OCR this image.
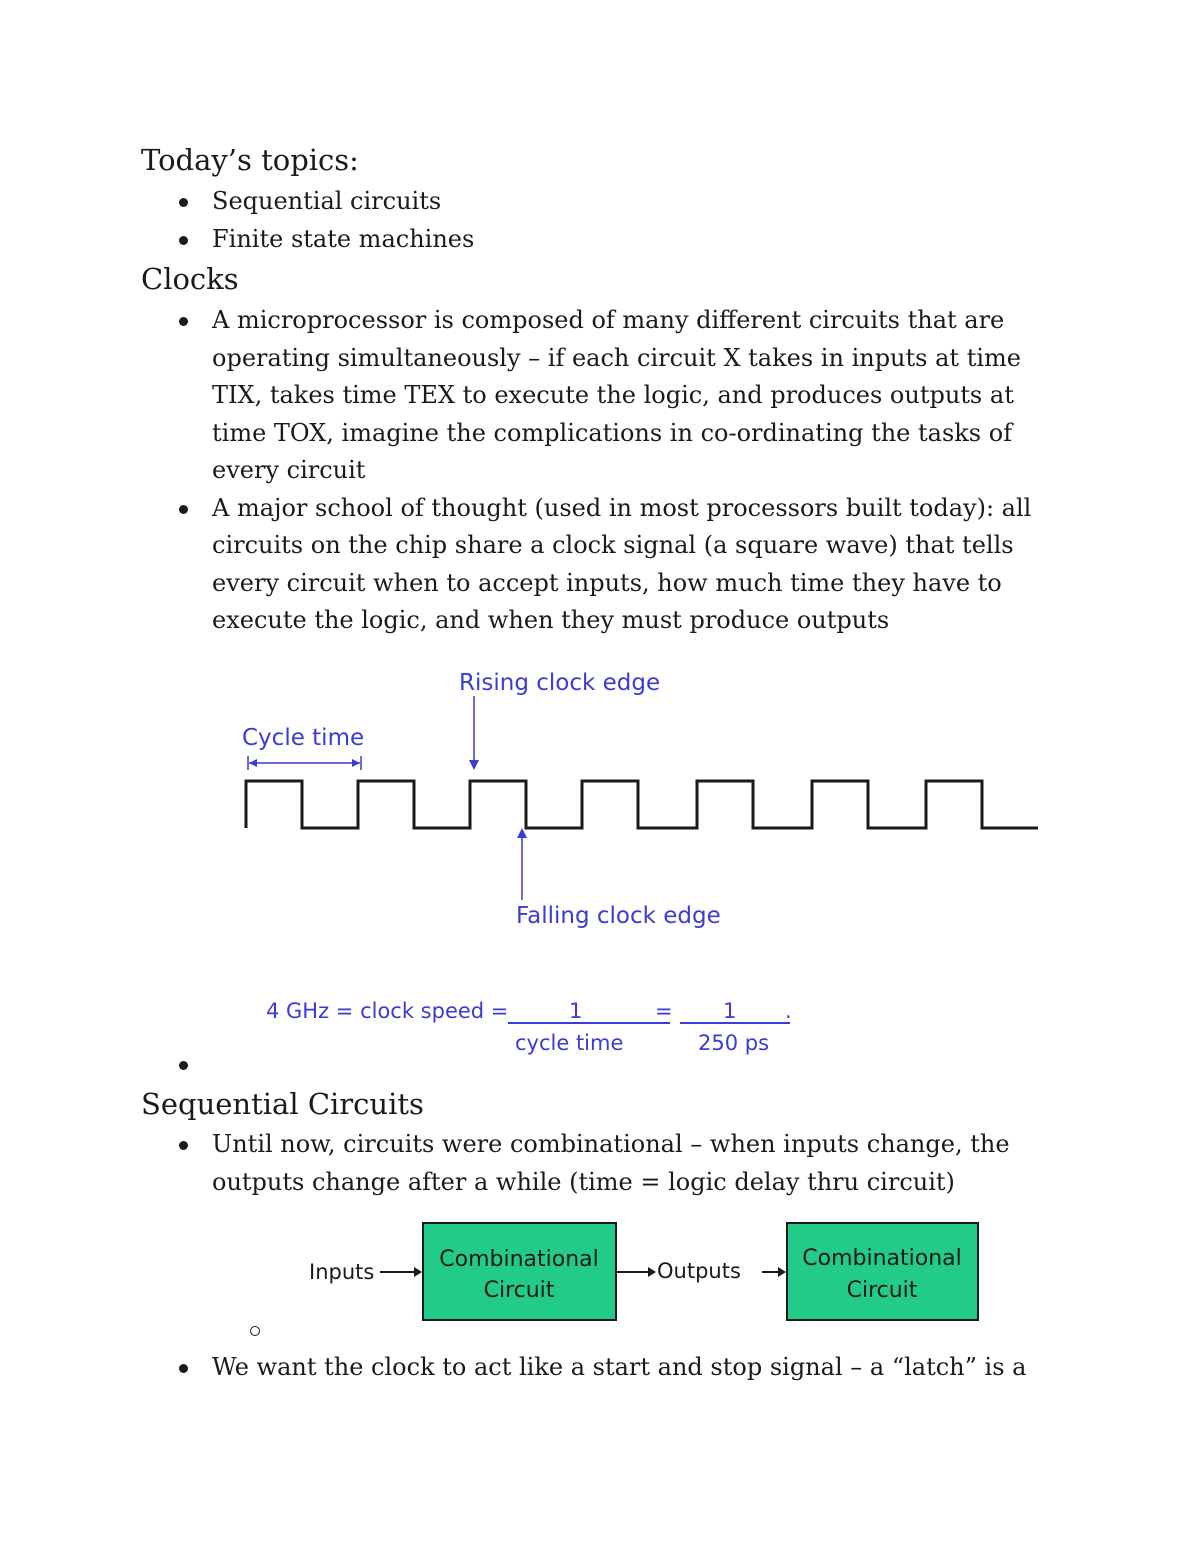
Today’s topics:
Sequential circuits
Finite state machines
Clocks
A microprocessor is composed of many different circuits that are operating simultaneously – if each circuit X takes in inputs at time TIX, takes time TEX to execute the logic, and produces outputs at time TOX, imagine the complications in co-ordinating the tasks of every circuit
A major school of thought (used in most processors built today): all circuits on the chip share a clock signal (a square wave) that tells every circuit when to accept inputs, how much time they have to execute the logic, and when they must produce outputs
Rising clock edge
Cycle time
Falling clock edge
4 GHz = clock speed =	1
cycle time
= 1 .
250 ps
Sequential Circuits
Until now, circuits were combinational – when inputs change, the outputs change after a while (time = logic delay thru circuit)
Inputs	Combinational
Circuit
Outputs	Combinational
Circuit
We want the clock to act like a start and stop signal – a “latch” is a
